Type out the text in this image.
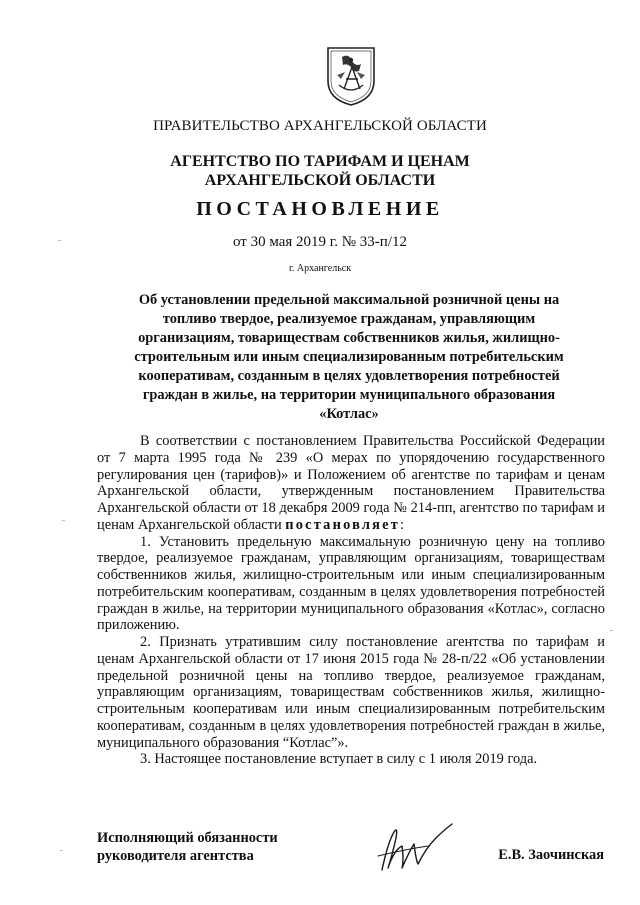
ПРАВИТЕЛЬСТВО АРХАНГЕЛЬСКОЙ ОБЛАСТИ
АГЕНТСТВО ПО ТАРИФАМ И ЦЕНАМ
АРХАНГЕЛЬСКОЙ ОБЛАСТИ
ПОСТАНОВЛЕНИЕ
от 30 мая 2019 г. № 33-п/12
г. Архангельск
Об установлении предельной максимальной розничной цены на топливо твердое, реализуемое гражданам, управляющим организациям, товариществам собственников жилья, жилищно-строительным или иным специализированным потребительским кооперативам, созданным в целях удовлетворения потребностей граждан в жилье, на территории муниципального образования «Котлас»

В соответствии с постановлением Правительства Российской Федерации от 7 марта 1995 года № 239 «О мерах по упорядочению государственного регулирования цен (тарифов)» и Положением об агентстве по тарифам и ценам Архангельской области, утвержденным постановлением Правительства Архангельской области от 18 декабря 2009 года № 214-пп, агентство по тарифам и ценам Архангельской области постановляет:

1. Установить предельную максимальную розничную цену на топливо твердое, реализуемое гражданам, управляющим организациям, товариществам собственников жилья, жилищно-строительным или иным специализированным потребительским кооперативам, созданным в целях удовлетворения потребностей граждан в жилье, на территории муниципального образования «Котлас», согласно приложению.

2. Признать утратившим силу постановление агентства по тарифам и ценам Архангельской области от 17 июня 2015 года № 28-п/22 «Об установлении предельной розничной цены на топливо твердое, реализуемое гражданам, управляющим организациям, товариществам собственников жилья, жилищно-строительным кооперативам или иным специализированным потребительским кооперативам, созданным в целях удовлетворения потребностей граждан в жилье, муниципального образования “Котлас”».

3. Настоящее постановление вступает в силу с 1 июля 2019 года.

Исполняющий обязанности
руководителя агентства	Е.В. Заочинская
